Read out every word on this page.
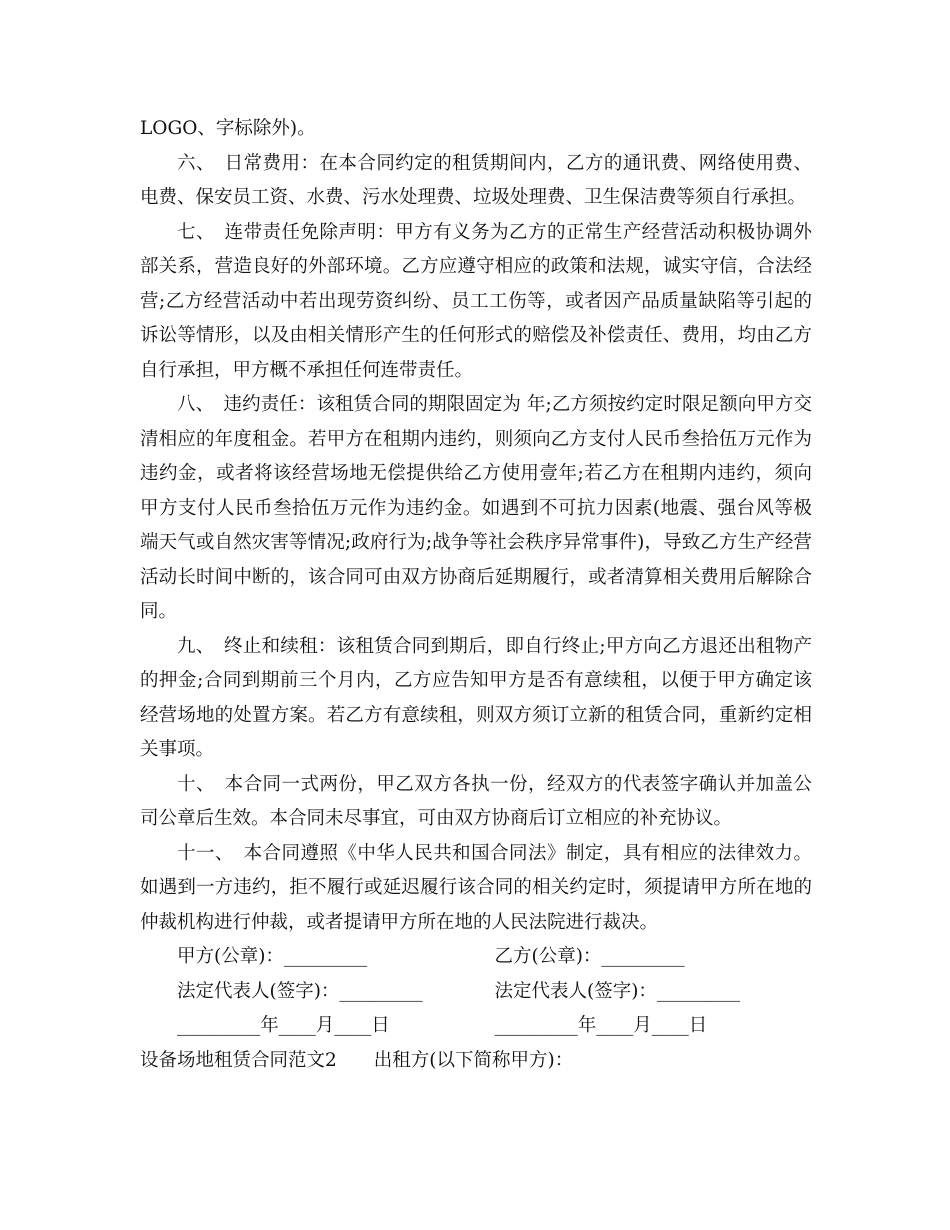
LOGO、字标除外)。

六、　日常费用：在本合同约定的租赁期间内，乙方的通讯费、网络使用费、电费、保安员工资、水费、污水处理费、垃圾处理费、卫生保洁费等须自行承担。

七、　连带责任免除声明：甲方有义务为乙方的正常生产经营活动积极协调外部关系，营造良好的外部环境。乙方应遵守相应的政策和法规，诚实守信，合法经营;乙方经营活动中若出现劳资纠纷、员工工伤等，或者因产品质量缺陷等引起的诉讼等情形，以及由相关情形产生的任何形式的赔偿及补偿责任、费用，均由乙方自行承担，甲方概不承担任何连带责任。

八、　违约责任：该租赁合同的期限固定为 年;乙方须按约定时限足额向甲方交清相应的年度租金。若甲方在租期内违约，则须向乙方支付人民币叁拾伍万元作为违约金，或者将该经营场地无偿提供给乙方使用壹年;若乙方在租期内违约，须向甲方支付人民币叁拾伍万元作为违约金。如遇到不可抗力因素(地震、强台风等极端天气或自然灾害等情况;政府行为;战争等社会秩序异常事件)，导致乙方生产经营活动长时间中断的，该合同可由双方协商后延期履行，或者清算相关费用后解除合同。

九、　终止和续租：该租赁合同到期后，即自行终止;甲方向乙方退还出租物产的押金;合同到期前三个月内，乙方应告知甲方是否有意续租，以便于甲方确定该经营场地的处置方案。若乙方有意续租，则双方须订立新的租赁合同，重新约定相关事项。

十、　本合同一式两份，甲乙双方各执一份，经双方的代表签字确认并加盖公司公章后生效。本合同未尽事宜，可由双方协商后订立相应的补充协议。

十一、　本合同遵照《中华人民共和国合同法》制定，具有相应的法律效力。如遇到一方违约，拒不履行或延迟履行该合同的相关约定时，须提请甲方所在地的仲裁机构进行仲裁，或者提请甲方所在地的人民法院进行裁决。

甲方(公章)：_________	乙方(公章)：_________
法定代表人(签字)：_________	法定代表人(签字)：_________
_________年____月____日	_________年____月____日

设备场地租赁合同范文2　　出租方(以下简称甲方)：
